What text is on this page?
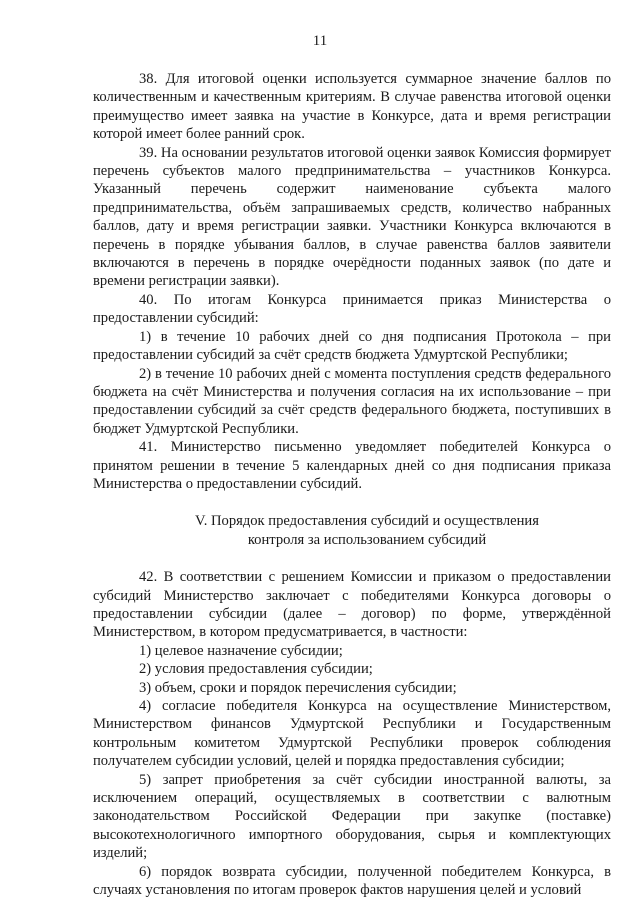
11

38. Для итоговой оценки используется суммарное значение баллов по количественным и качественным критериям. В случае равенства итоговой оценки преимущество имеет заявка на участие в Конкурсе, дата и время регистрации которой имеет более ранний срок.

39. На основании результатов итоговой оценки заявок Комиссия формирует перечень субъектов малого предпринимательства – участников Конкурса. Указанный перечень содержит наименование субъекта малого предпринимательства, объём запрашиваемых средств, количество набранных баллов, дату и время регистрации заявки. Участники Конкурса включаются в перечень в порядке убывания баллов, в случае равенства баллов заявители включаются в перечень в порядке очерёдности поданных заявок (по дате и времени регистрации заявки).

40. По итогам Конкурса принимается приказ Министерства о предоставлении субсидий:

1) в течение 10 рабочих дней со дня подписания Протокола – при предоставлении субсидий за счёт средств бюджета Удмуртской Республики;

2) в течение 10 рабочих дней с момента поступления средств федерального бюджета на счёт Министерства и получения согласия на их использование – при предоставлении субсидий за счёт средств федерального бюджета, поступивших в бюджет Удмуртской Республики.

41. Министерство письменно уведомляет победителей Конкурса о принятом решении в течение 5 календарных дней со дня подписания приказа Министерства о предоставлении субсидий.

V. Порядок предоставления субсидий и осуществления
контроля за использованием субсидий

42. В соответствии с решением Комиссии и приказом о предоставлении субсидий Министерство заключает с победителями Конкурса договоры о предоставлении субсидии (далее – договор) по форме, утверждённой Министерством, в котором предусматривается, в частности:

1) целевое назначение субсидии;

2) условия предоставления субсидии;

3) объем, сроки и порядок перечисления субсидии;

4) согласие победителя Конкурса на осуществление Министерством, Министерством финансов Удмуртской Республики и Государственным контрольным комитетом Удмуртской Республики проверок соблюдения получателем субсидии условий, целей и порядка предоставления субсидии;

5) запрет приобретения за счёт субсидии иностранной валюты, за исключением операций, осуществляемых в соответствии с валютным законодательством Российской Федерации при закупке (поставке) высокотехнологичного импортного оборудования, сырья и комплектующих изделий;

6) порядок возврата субсидии, полученной победителем Конкурса, в случаях установления по итогам проверок фактов нарушения целей и условий
